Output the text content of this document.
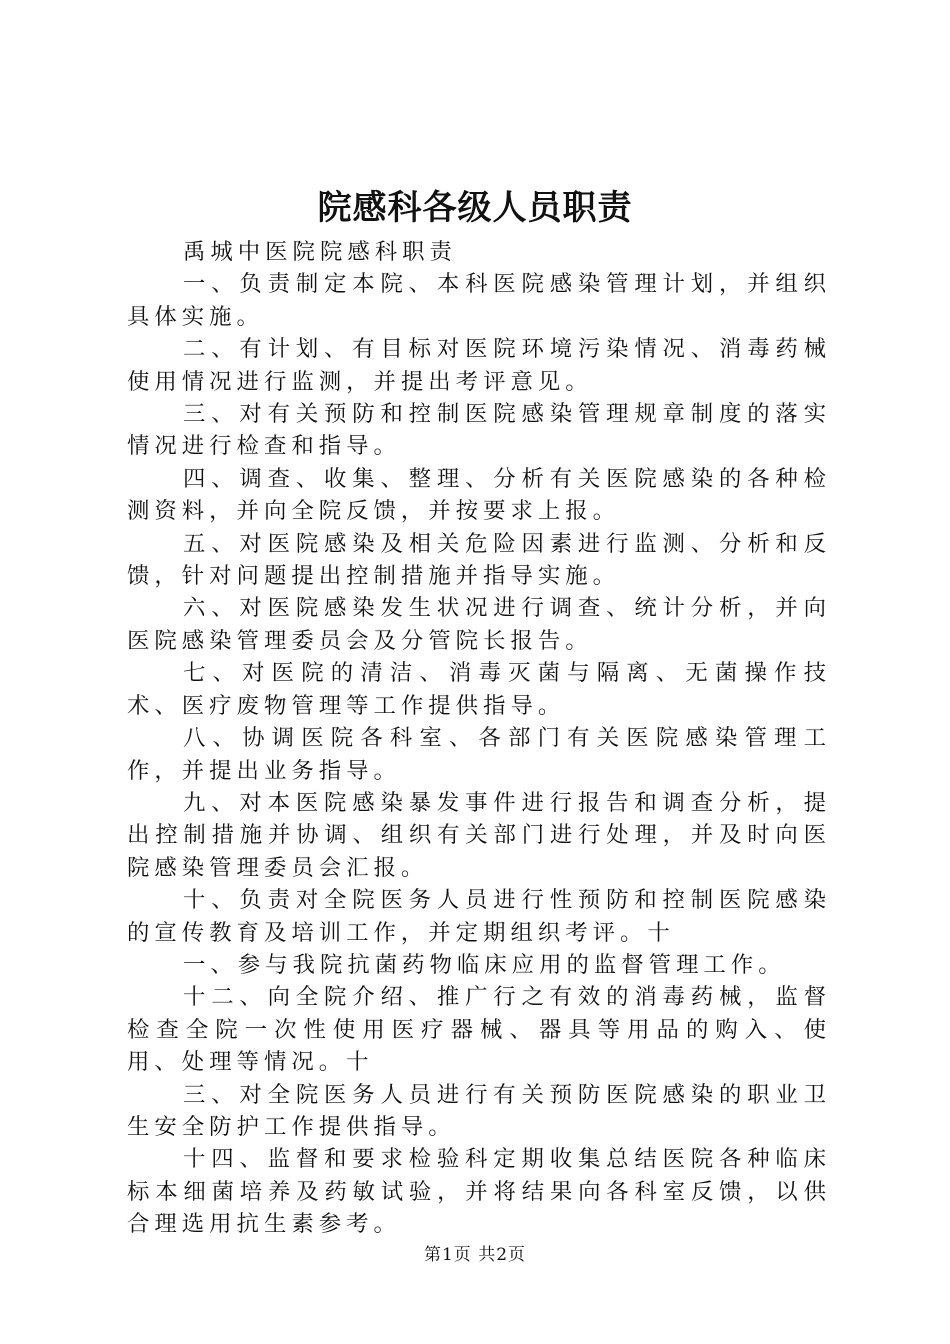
院感科各级人员职责

禹城中医院院感科职责

一、负责制定本院、本科医院感染管理计划，并组织具体实施。

二、有计划、有目标对医院环境污染情况、消毒药械使用情况进行监测，并提出考评意见。

三、对有关预防和控制医院感染管理规章制度的落实情况进行检查和指导。

四、调查、收集、整理、分析有关医院感染的各种检测资料，并向全院反馈，并按要求上报。

五、对医院感染及相关危险因素进行监测、分析和反馈，针对问题提出控制措施并指导实施。

六、对医院感染发生状况进行调查、统计分析，并向医院感染管理委员会及分管院长报告。

七、对医院的清洁、消毒灭菌与隔离、无菌操作技术、医疗废物管理等工作提供指导。

八、协调医院各科室、各部门有关医院感染管理工作，并提出业务指导。

九、对本医院感染暴发事件进行报告和调查分析，提出控制措施并协调、组织有关部门进行处理，并及时向医院感染管理委员会汇报。

十、负责对全院医务人员进行性预防和控制医院感染的宣传教育及培训工作，并定期组织考评。十

一、参与我院抗菌药物临床应用的监督管理工作。

十二、向全院介绍、推广行之有效的消毒药械，监督检查全院一次性使用医疗器械、器具等用品的购入、使用、处理等情况。十

三、对全院医务人员进行有关预防医院感染的职业卫生安全防护工作提供指导。

十四、监督和要求检验科定期收集总结医院各种临床标本细菌培养及药敏试验，并将结果向各科室反馈，以供合理选用抗生素参考。

第1页 共2页
